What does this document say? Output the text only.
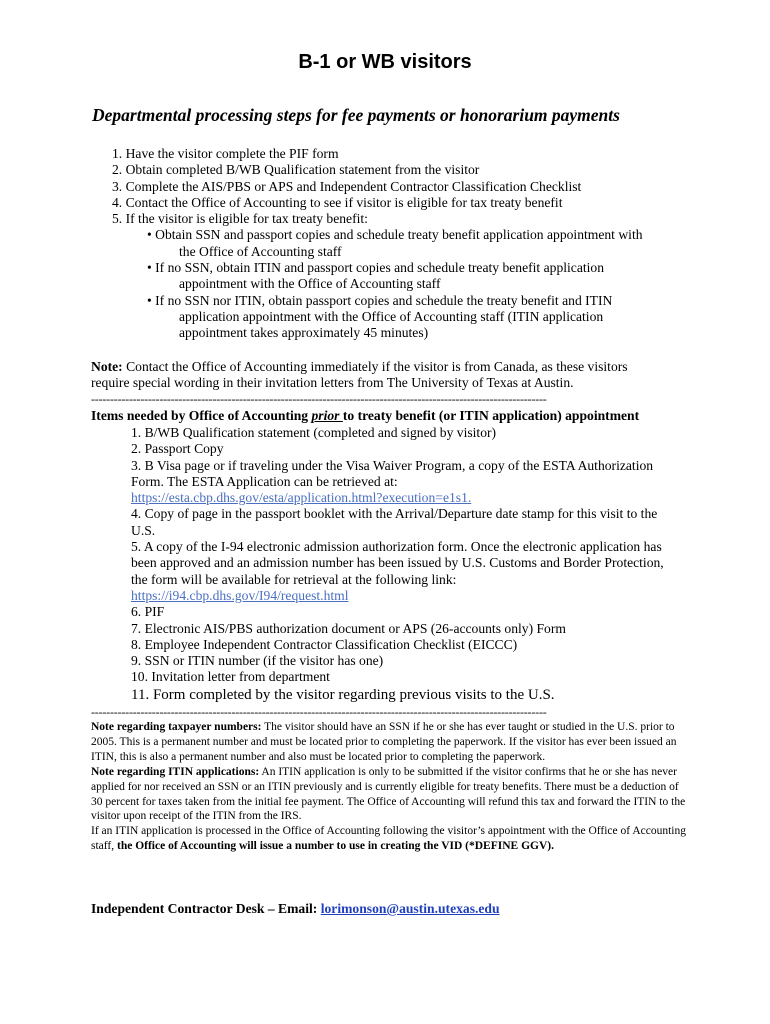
B-1 or WB visitors
Departmental processing steps for fee payments or honorarium payments

1. Have the visitor complete the PIF form

2. Obtain completed B/WB Qualification statement from the visitor

3. Complete the AIS/PBS or APS and Independent Contractor Classification Checklist

4. Contact the Office of Accounting to see if visitor is eligible for tax treaty benefit

5. If the visitor is eligible for tax treaty benefit:

• Obtain SSN and passport copies and schedule treaty benefit application appointment with
the Office of Accounting staff
• If no SSN, obtain ITIN and passport copies and schedule treaty benefit application
appointment with the Office of Accounting staff
• If no SSN nor ITIN, obtain passport copies and schedule the treaty benefit and ITIN
application appointment with the Office of Accounting staff (ITIN application appointment takes approximately 45 minutes)
Note: Contact the Office of Accounting immediately if the visitor is from Canada, as these visitors require special wording in their invitation letters from The University of Texas at Austin.
------------------------------------------------------------------------------------------------------------------------
Items needed by Office of Accounting prior to treaty benefit (or ITIN application) appointment

1. B/WB Qualification statement (completed and signed by visitor)

2. Passport Copy

3. B Visa page or if traveling under the Visa Waiver Program, a copy of the ESTA Authorization Form. The ESTA Application can be retrieved at:

https://esta.cbp.dhs.gov/esta/application.html?execution=e1s1.

4. Copy of page in the passport booklet with the Arrival/Departure date stamp for this visit to the U.S.

5. A copy of the I-94 electronic admission authorization form. Once the electronic application has been approved and an admission number has been issued by U.S. Customs and Border Protection, the form will be available for retrieval at the following link:

https://i94.cbp.dhs.gov/I94/request.html

6. PIF

7. Electronic AIS/PBS authorization document or APS (26-accounts only) Form

8. Employee Independent Contractor Classification Checklist (EICCC)

9. SSN or ITIN number (if the visitor has one)

10. Invitation letter from department

11. Form completed by the visitor regarding previous visits to the U.S.

------------------------------------------------------------------------------------------------------------------------

Note regarding taxpayer numbers: The visitor should have an SSN if he or she has ever taught or studied in the U.S. prior to 2005. This is a permanent number and must be located prior to completing the paperwork. If the visitor has ever been issued an ITIN, this is also a permanent number and also must be located prior to completing the paperwork.

Note regarding ITIN applications: An ITIN application is only to be submitted if the visitor confirms that he or she has never applied for nor received an SSN or an ITIN previously and is currently eligible for treaty benefits. There must be a deduction of 30 percent for taxes taken from the initial fee payment. The Office of Accounting will refund this tax and forward the ITIN to the visitor upon receipt of the ITIN from the IRS.

If an ITIN application is processed in the Office of Accounting following the visitor’s appointment with the Office of Accounting staff, the Office of Accounting will issue a number to use in creating the VID (*DEFINE GGV).

Independent Contractor Desk – Email: lorimonson@austin.utexas.edu
